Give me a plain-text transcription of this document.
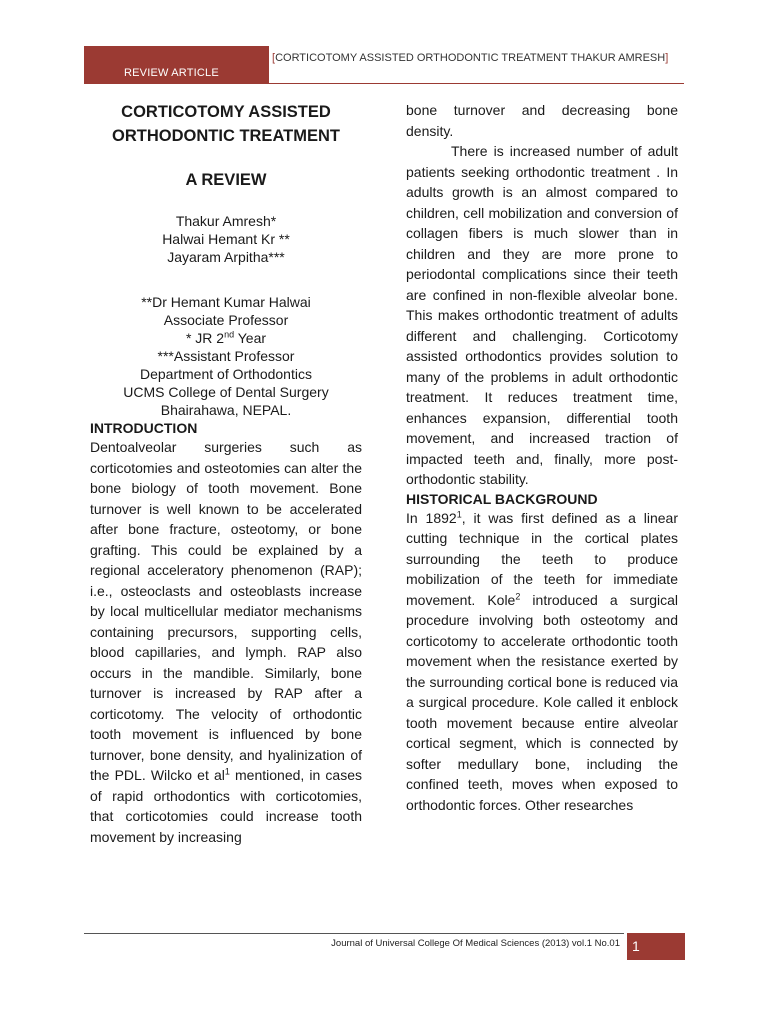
REVIEW ARTICLE
[CORTICOTOMY ASSISTED ORTHODONTIC TREATMENT THAKUR AMRESH]
CORTICOTOMY ASSISTED ORTHODONTIC TREATMENT
A REVIEW
Thakur Amresh*
Halwai Hemant Kr **
Jayaram Arpitha***
**Dr Hemant Kumar Halwai
Associate Professor
* JR 2nd Year
***Assistant Professor
Department of Orthodontics
UCMS College of Dental Surgery
Bhairahawa, NEPAL.
INTRODUCTION

Dentoalveolar surgeries such as corticotomies and osteotomies can alter the bone biology of tooth movement. Bone turnover is well known to be accelerated after bone fracture, osteotomy, or bone grafting. This could be explained by a regional acceleratory phenomenon (RAP); i.e., osteoclasts and osteoblasts increase by local multicellular mediator mechanisms containing precursors, supporting cells, blood capillaries, and lymph. RAP also occurs in the mandible. Similarly, bone turnover is increased by RAP after a corticotomy. The velocity of orthodontic tooth movement is influenced by bone turnover, bone density, and hyalinization of the PDL. Wilcko et $al^1$ mentioned, in cases of rapid orthodontics with corticotomies, that corticotomies could increase tooth movement by increasing

bone turnover and decreasing bone density.

There is increased number of adult patients seeking orthodontic treatment . In adults growth is an almost compared to children, cell mobilization and conversion of collagen fibers is much slower than in children and they are more prone to periodontal complications since their teeth are confined in non-flexible alveolar bone. This makes orthodontic treatment of adults different and challenging. Corticotomy assisted orthodontics provides solution to many of the problems in adult orthodontic treatment. It reduces treatment time, enhances expansion, differential tooth movement, and increased traction of impacted teeth and, finally, more post-orthodontic stability.

HISTORICAL BACKGROUND

In 1892$^1$, it was first defined as a linear cutting technique in the cortical plates surrounding the teeth to produce mobilization of the teeth for immediate movement. Kole$^2$ introduced a surgical procedure involving both osteotomy and corticotomy to accelerate orthodontic tooth movement when the resistance exerted by the surrounding cortical bone is reduced via a surgical procedure. Kole called it enblock tooth movement because entire alveolar cortical segment, which is connected by softer medullary bone, including the confined teeth, moves when exposed to orthodontic forces. Other researches

Journal of Universal College Of Medical Sciences (2013) vol.1 No.01 1
